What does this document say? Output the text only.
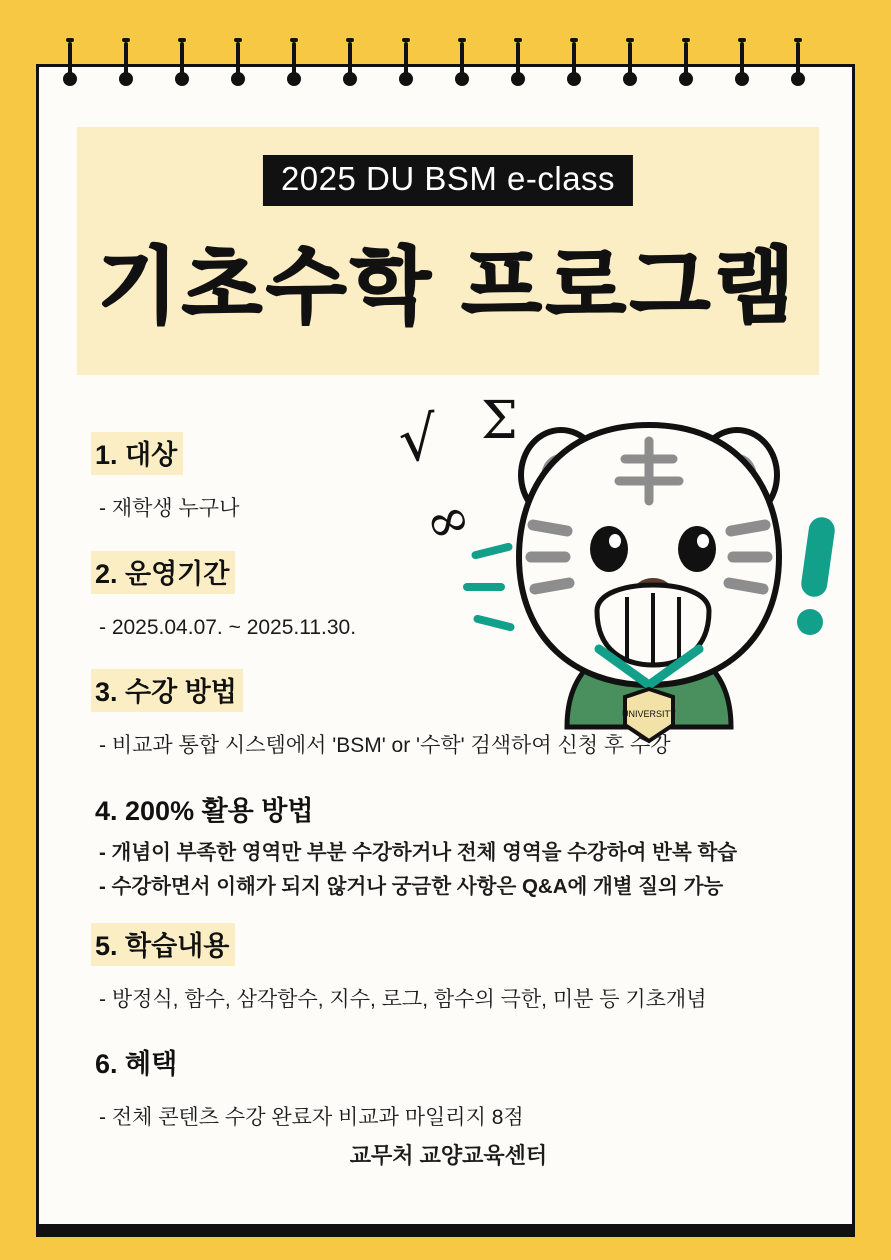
2025 DU BSM e-class
기초수학 프로그램
√ Σ
∞
UNIVERSITY
1. 대상
- 재학생 누구나
2. 운영기간
- 2025.04.07. ~ 2025.11.30.
3. 수강 방법
- 비교과 통합 시스템에서 'BSM' or '수학' 검색하여 신청 후 수강
4. 200% 활용 방법
- 개념이 부족한 영역만 부분 수강하거나 전체 영역을 수강하여 반복 학습
- 수강하면서 이해가 되지 않거나 궁금한 사항은 Q&A에 개별 질의 가능
5. 학습내용
- 방정식, 함수, 삼각함수, 지수, 로그, 함수의 극한, 미분 등 기초개념
6. 혜택
- 전체 콘텐츠 수강 완료자 비교과 마일리지 8점
교무처 교양교육센터
